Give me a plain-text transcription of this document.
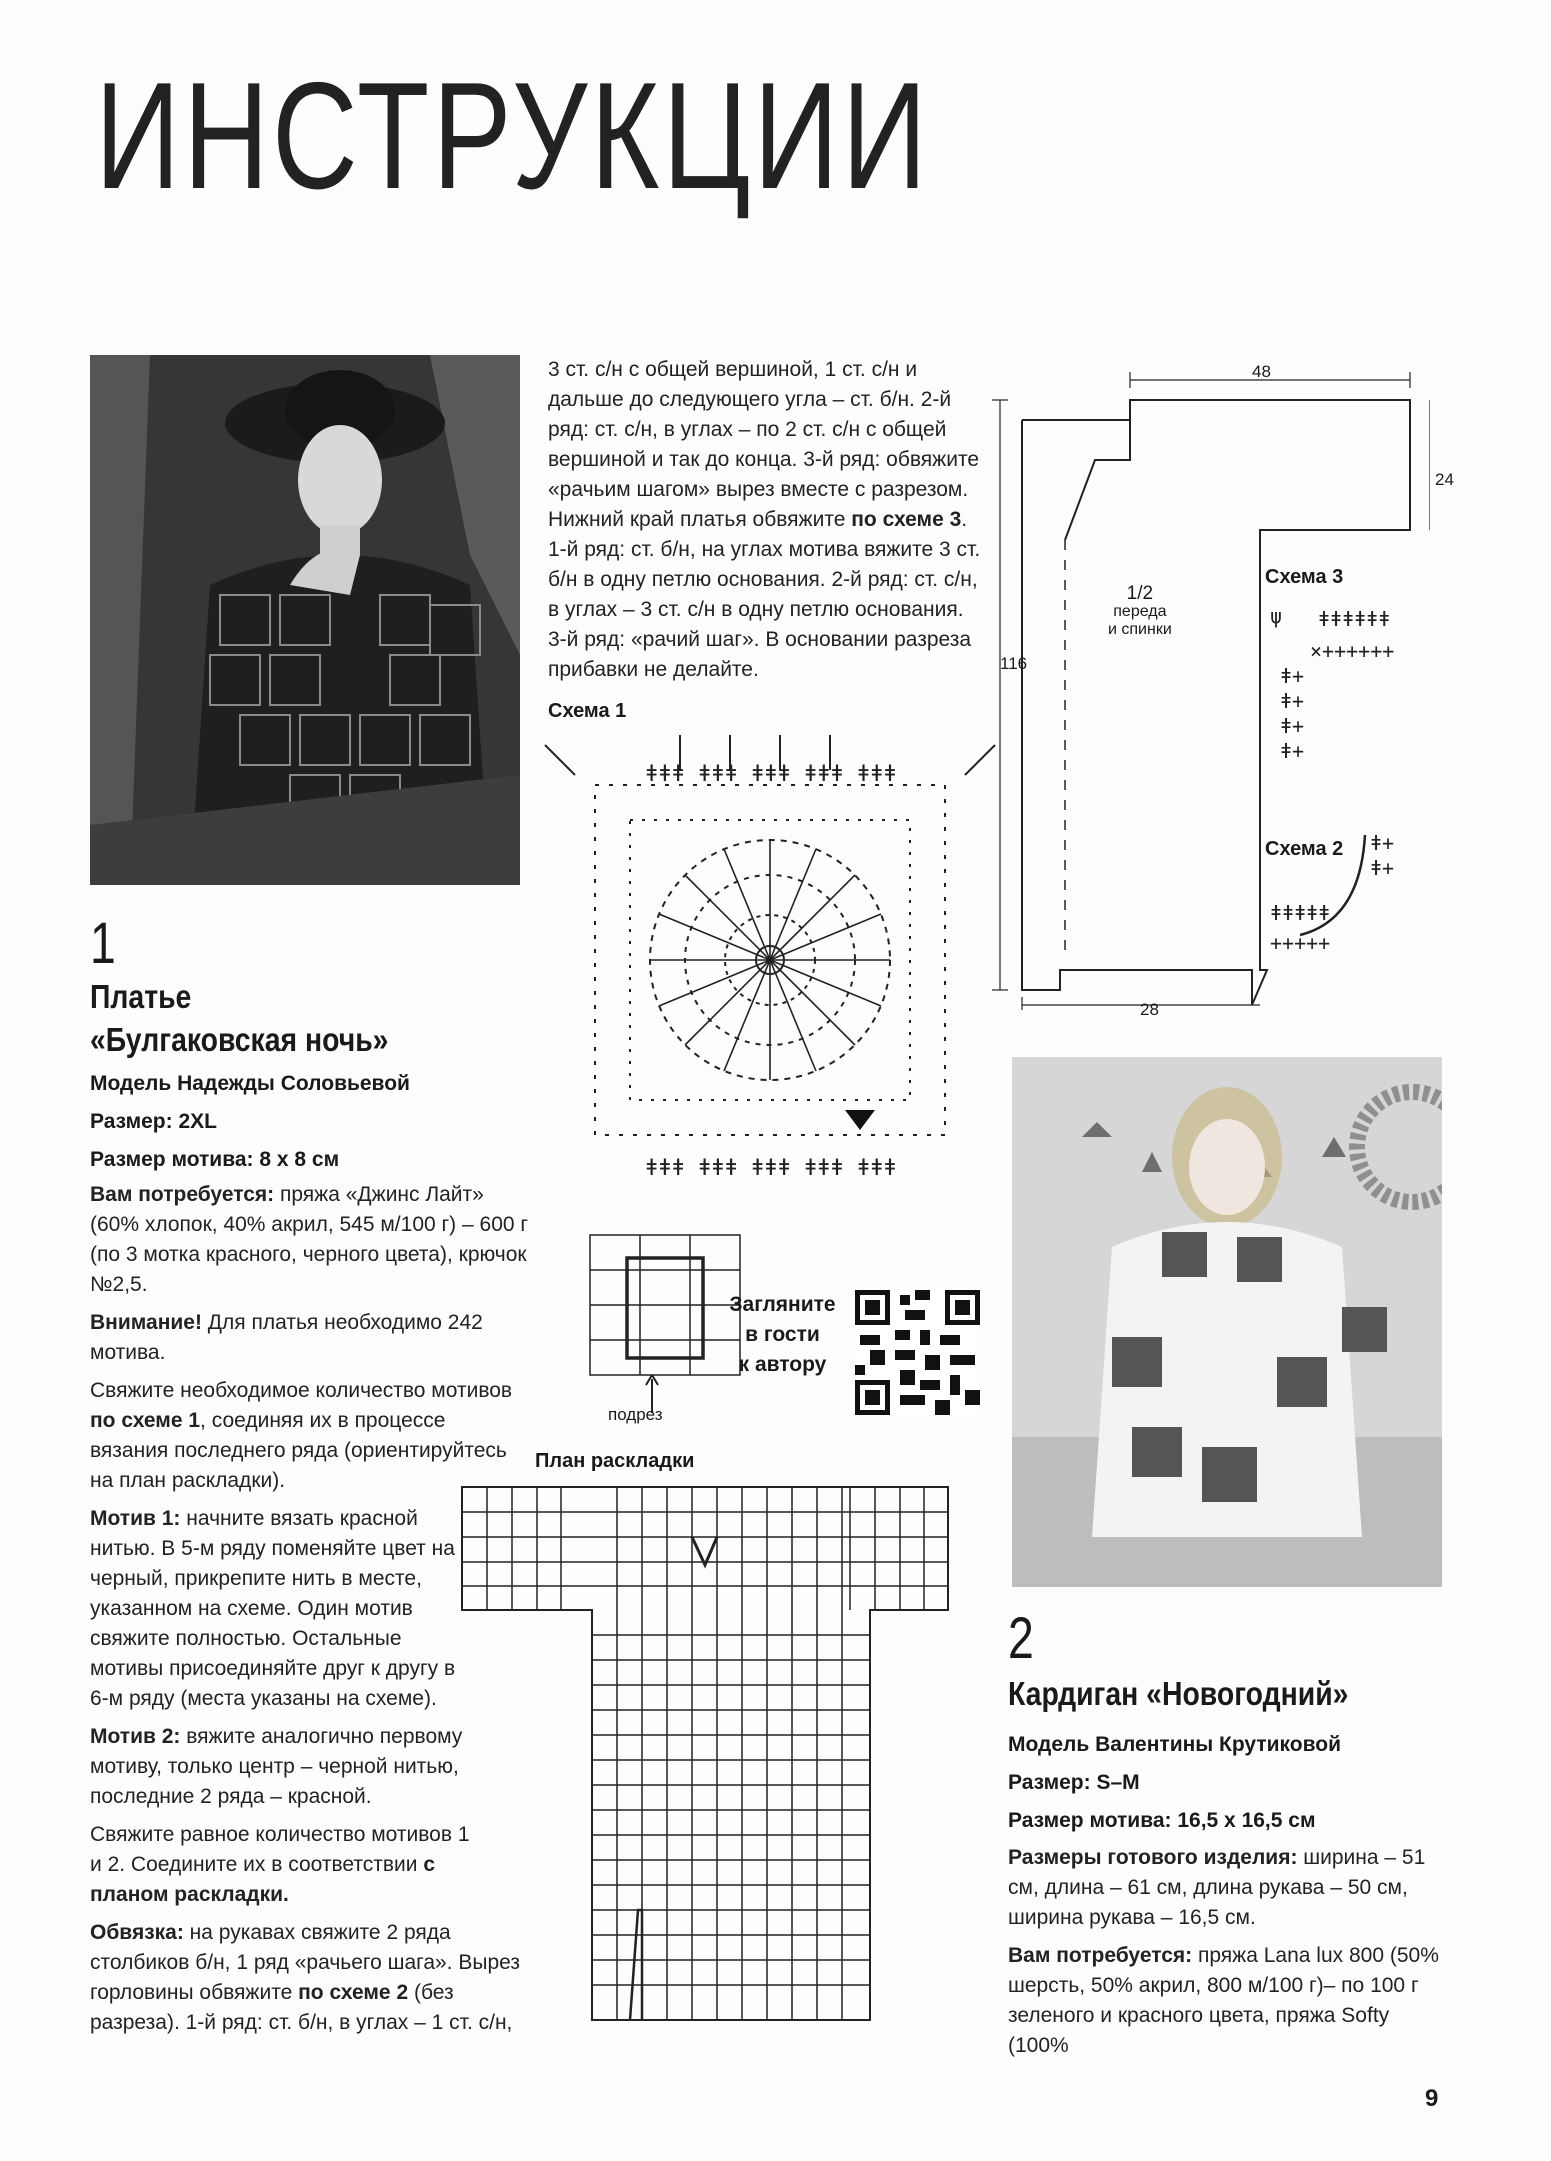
ИНСТРУКЦИИ
1
Платье
«Булгаковская ночь»
Модель Надежды Соловьевой
Размер: 2XL
Размер мотива: 8 х 8 см

Вам потребуется: пряжа «Джинс Лайт» (60% хлопок, 40% акрил, 545 м/100 г) – 600 г (по 3 мотка красного, черного цвета), крючок №2,5.

Внимание! Для платья необходимо 242 мотива.

Свяжите необходимое количество мотивов по схеме 1, соединяя их в процессе вязания последнего ряда (ориентируйтесь на план раскладки).

Мотив 1: начните вязать красной нитью. В 5-м ряду поменяйте цвет на черный, прикрепите нить в месте, указанном на схеме. Один мотив свяжите полностью. Остальные мотивы присоединяйте друг к другу в 6-м ряду (места указаны на схеме).

Мотив 2: вяжите аналогично первому мотиву, только центр – черной нитью, последние 2 ряда – красной.

Свяжите равное количество мотивов 1 и 2. Соедините их в соответствии с планом раскладки.

Обвязка: на рукавах свяжите 2 ряда столбиков б/н, 1 ряд «рачьего шага». Вырез горловины обвяжите по схеме 2 (без разреза). 1-й ряд: ст. б/н, в углах – 1 ст. с/н,

3 ст. с/н с общей вершиной, 1 ст. с/н и дальше до следующего угла – ст. б/н. 2-й ряд: ст. с/н, в углах – по 2 ст. с/н с общей вершиной и так до конца. 3-й ряд: обвяжите «рачьим шагом» вырез вместе с разрезом. Нижний край платья обвяжите по схеме 3. 1-й ряд: ст. б/н, на углах мотива вяжите 3 ст. б/н в одну петлю основания. 2-й ряд: ст. с/н, в углах – 3 ст. с/н в одну петлю основания. 3-й ряд: «рачий шаг». В основании разреза прибавки не делайте.

Схема 1
ǂǂǂ ǂǂǂ ǂǂǂ ǂǂǂ ǂǂǂ
ǂǂǂ ǂǂǂ ǂǂǂ ǂǂǂ ǂǂǂ
подрез
Загляните
в гости
к автору
План раскладки
48
24
116
28
1/2
переда
и спинки
Схема 3
ǂǂǂǂǂǂ
×++++++
ψ
ǂ+
ǂ+
ǂ+
ǂ+
Схема 2 ǂ+
ǂ+
ǂǂǂǂǂ
+++++
2
Кардиган «Новогодний»
Модель Валентины Крутиковой
Размер: S–M
Размер мотива: 16,5 х 16,5 см

Размеры готового изделия: ширина – 51 см, длина – 61 см, длина рукава – 50 см, ширина рукава – 16,5 см.

Вам потребуется: пряжа Lana lux 800 (50% шерсть, 50% акрил, 800 м/100 г)– по 100 г зеленого и красного цвета, пряжа Softy (100%

9
